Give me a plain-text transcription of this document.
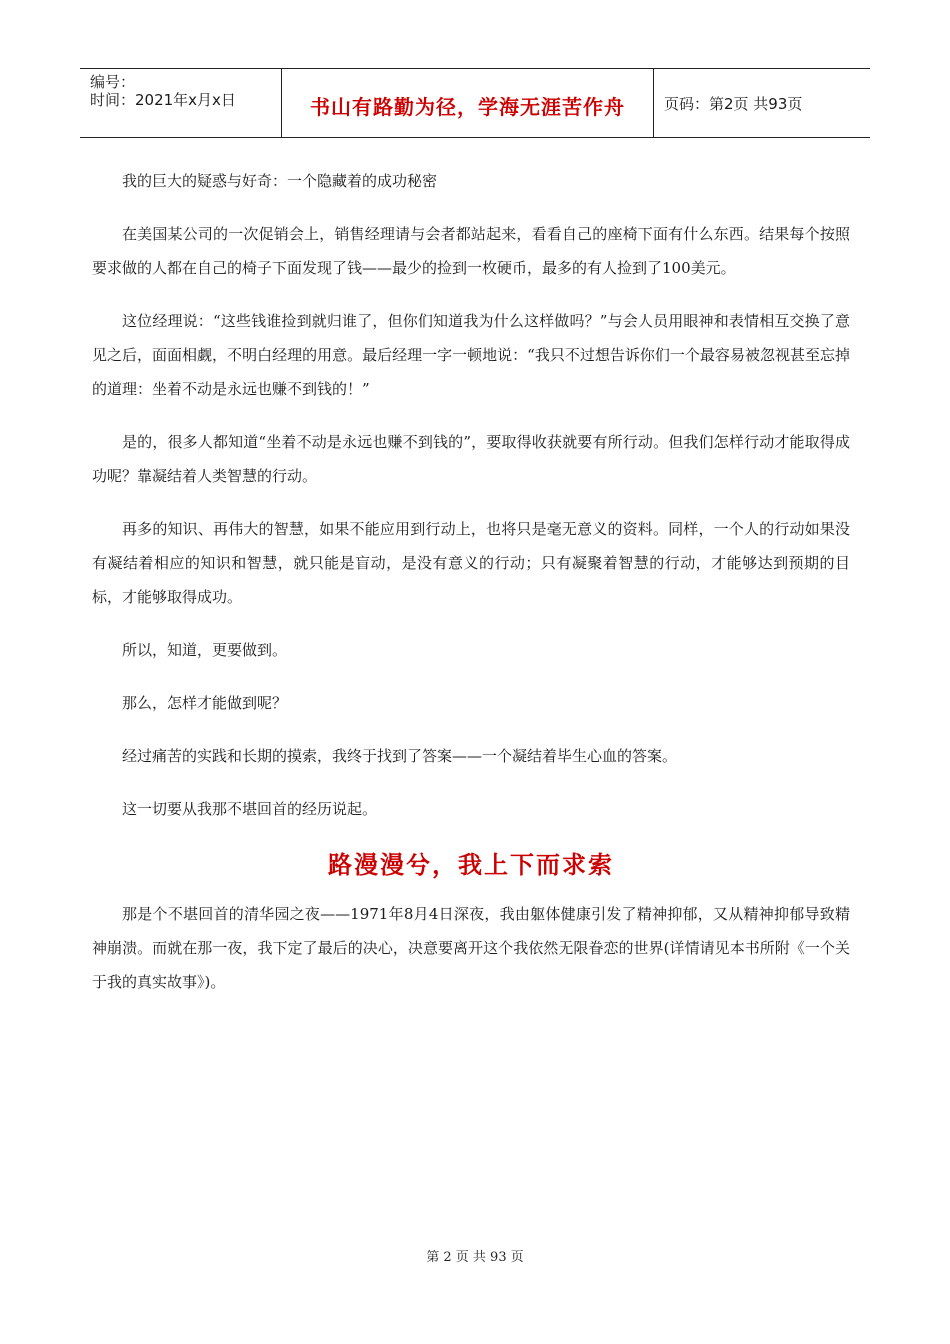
编号：
时间：2021年x月x日	书山有路勤为径，学海无涯苦作舟	页码：第2页 共93页

我的巨大的疑惑与好奇：一个隐藏着的成功秘密

在美国某公司的一次促销会上，销售经理请与会者都站起来，看看自己的座椅下面有什么东西。结果每个按照要求做的人都在自己的椅子下面发现了钱——最少的捡到一枚硬币，最多的有人捡到了100美元。

这位经理说：“这些钱谁捡到就归谁了，但你们知道我为什么这样做吗？”与会人员用眼神和表情相互交换了意见之后，面面相觑，不明白经理的用意。最后经理一字一顿地说：“我只不过想告诉你们一个最容易被忽视甚至忘掉的道理：坐着不动是永远也赚不到钱的！”

是的，很多人都知道“坐着不动是永远也赚不到钱的”，要取得收获就要有所行动。但我们怎样行动才能取得成功呢？靠凝结着人类智慧的行动。

再多的知识、再伟大的智慧，如果不能应用到行动上，也将只是毫无意义的资料。同样，一个人的行动如果没有凝结着相应的知识和智慧，就只能是盲动，是没有意义的行动；只有凝聚着智慧的行动，才能够达到预期的目标，才能够取得成功。

所以，知道，更要做到。

那么，怎样才能做到呢？

经过痛苦的实践和长期的摸索，我终于找到了答案——一个凝结着毕生心血的答案。

这一切要从我那不堪回首的经历说起。

路漫漫兮，我上下而求索

那是个不堪回首的清华园之夜——1971年8月4日深夜，我由躯体健康引发了精神抑郁，又从精神抑郁导致精神崩溃。而就在那一夜，我下定了最后的决心，决意要离开这个我依然无限眷恋的世界(详情请见本书所附《一个关于我的真实故事》)。

第 2 页 共 93 页
